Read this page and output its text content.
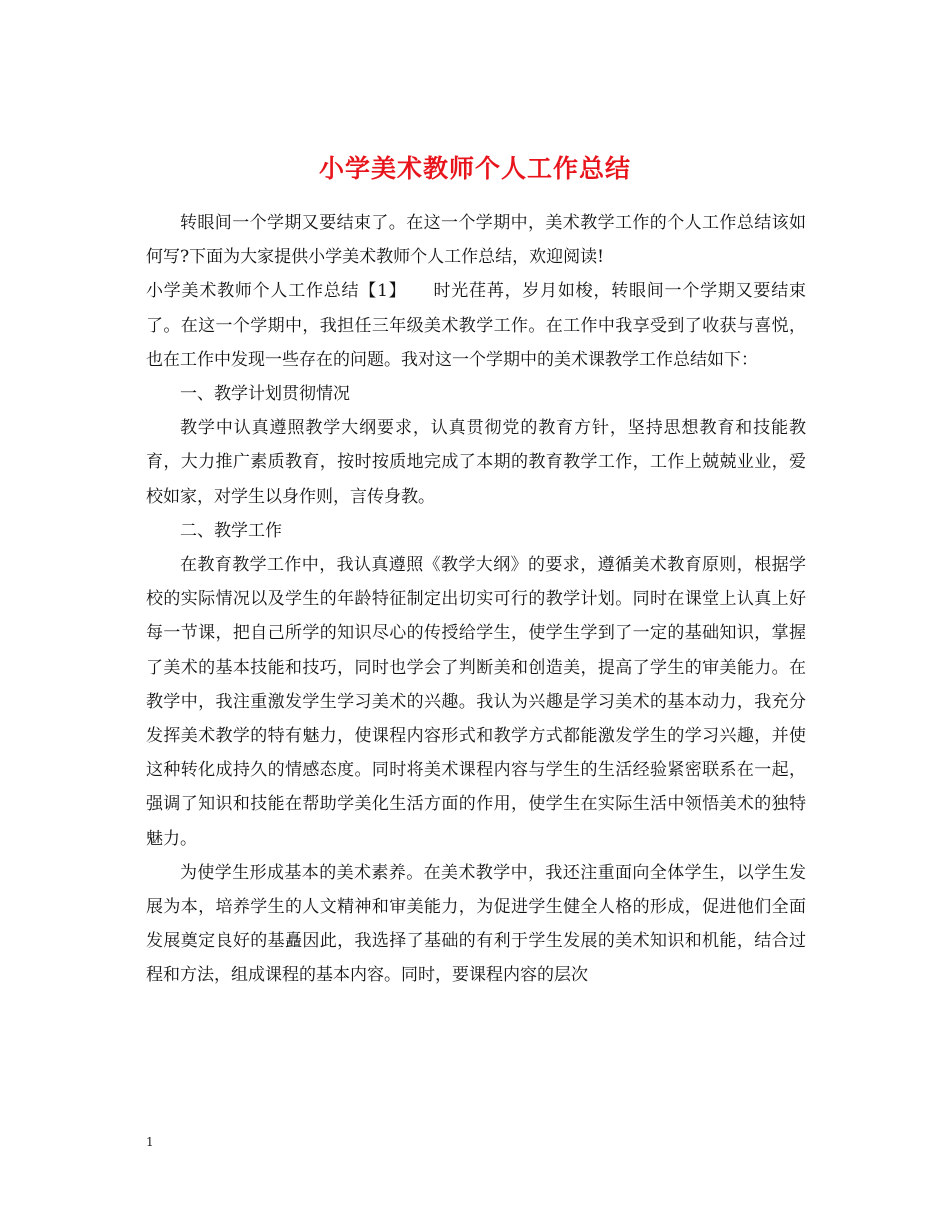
小学美术教师个人工作总结

转眼间一个学期又要结束了。在这一个学期中，美术教学工作的个人工作总结该如何写?下面为大家提供小学美术教师个人工作总结，欢迎阅读!

小学美术教师个人工作总结【1】　　时光荏苒，岁月如梭，转眼间一个学期又要结束了。在这一个学期中，我担任三年级美术教学工作。在工作中我享受到了收获与喜悦，也在工作中发现一些存在的问题。我对这一个学期中的美术课教学工作总结如下：

一、教学计划贯彻情况

教学中认真遵照教学大纲要求，认真贯彻党的教育方针，坚持思想教育和技能教育，大力推广素质教育，按时按质地完成了本期的教育教学工作，工作上兢兢业业，爱校如家，对学生以身作则，言传身教。

二、教学工作

在教育教学工作中，我认真遵照《教学大纲》的要求，遵循美术教育原则，根据学校的实际情况以及学生的年龄特征制定出切实可行的教学计划。同时在课堂上认真上好每一节课，把自己所学的知识尽心的传授给学生，使学生学到了一定的基础知识，掌握了美术的基本技能和技巧，同时也学会了判断美和创造美，提高了学生的审美能力。在教学中，我注重激发学生学习美术的兴趣。我认为兴趣是学习美术的基本动力，我充分发挥美术教学的特有魅力，使课程内容形式和教学方式都能激发学生的学习兴趣，并使这种转化成持久的情感态度。同时将美术课程内容与学生的生活经验紧密联系在一起，强调了知识和技能在帮助学美化生活方面的作用，使学生在实际生活中领悟美术的独特魅力。

为使学生形成基本的美术素养。在美术教学中，我还注重面向全体学生，以学生发展为本，培养学生的人文精神和审美能力，为促进学生健全人格的形成，促进他们全面发展奠定良好的基矗因此，我选择了基础的有利于学生发展的美术知识和机能，结合过程和方法，组成课程的基本内容。同时，要课程内容的层次

1
